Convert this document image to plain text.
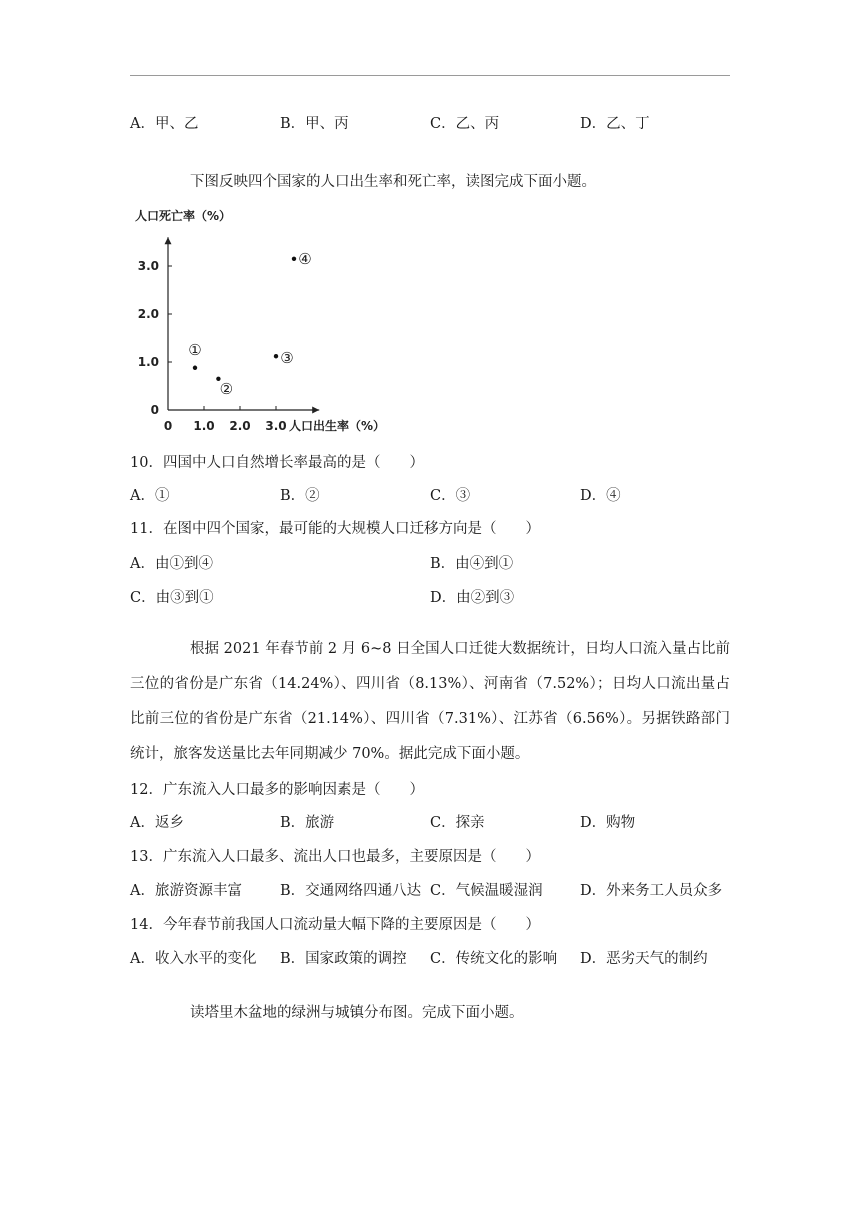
A．甲、乙	B．甲、丙	C．乙、丙	D．乙、丁
下图反映四个国家的人口出生率和死亡率，读图完成下面小题。
人口死亡率（%）
0 1.0 2.0 3.0
0
1.0
2.0
3.0
①
②
③
④
人口出生率（%）
10．四国中人口自然增长率最高的是（　　）
A．①	B．②	C．③	D．④
11．在图中四个国家，最可能的大规模人口迁移方向是（　　）
A．由①到④	B．由④到①
C．由③到①	D．由②到③
根据 2021 年春节前 2 月 6~8 日全国人口迁徙大数据统计，日均人口流入量占比前三位的省份是广东省（14.24%）、四川省（8.13%）、河南省（7.52%）；日均人口流出量占比前三位的省份是广东省（21.14%）、四川省（7.31%）、江苏省（6.56%）。另据铁路部门统计，旅客发送量比去年同期减少 70%。据此完成下面小题。
12．广东流入人口最多的影响因素是（　　）
A．返乡	B．旅游	C．探亲	D．购物
13．广东流入人口最多、流出人口也最多，主要原因是（　　）
A．旅游资源丰富	B．交通网络四通八达 C．气候温暖湿润	D．外来务工人员众多
14．今年春节前我国人口流动量大幅下降的主要原因是（　　）
A．收入水平的变化 B．国家政策的调控 C．传统文化的影响 D．恶劣天气的制约
读塔里木盆地的绿洲与城镇分布图。完成下面小题。
